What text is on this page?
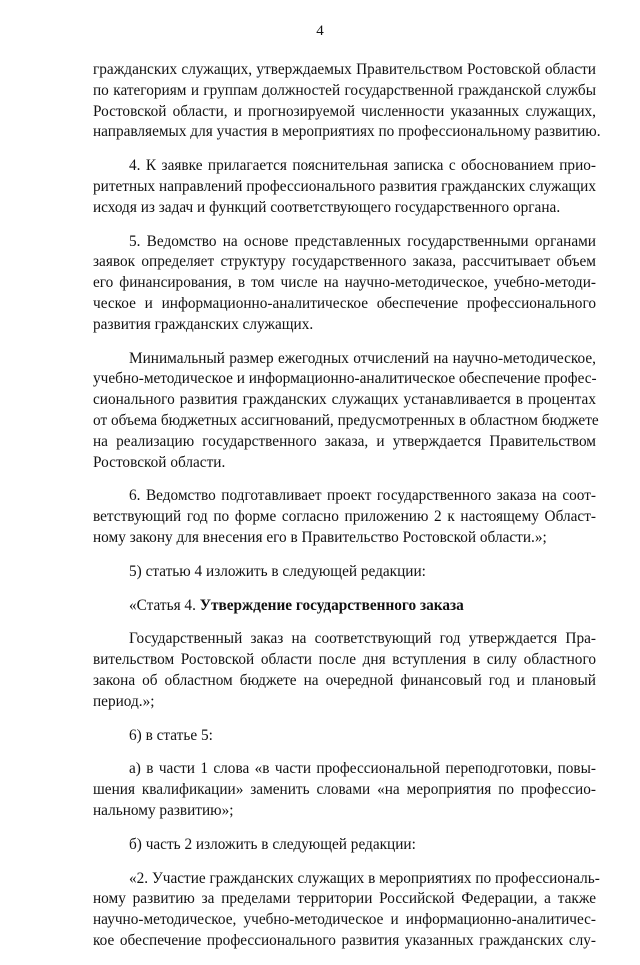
4
гражданских служащих, утверждаемых Правительством Ростовской области
по категориям и группам должностей государственной гражданской службы
Ростовской области, и прогнозируемой численности указанных служащих,
направляемых для участия в мероприятиях по профессиональному развитию.
4. К заявке прилагается пояснительная записка с обоснованием прио-
ритетных направлений профессионального развития гражданских служащих
исходя из задач и функций соответствующего государственного органа.
5. Ведомство на основе представленных государственными органами
заявок определяет структуру государственного заказа, рассчитывает объем
его финансирования, в том числе на научно-методическое, учебно-методи-
ческое и информационно-аналитическое обеспечение профессионального
развития гражданских служащих.
Минимальный размер ежегодных отчислений на научно-методическое,
учебно-методическое и информационно-аналитическое обеспечение профес-
сионального развития гражданских служащих устанавливается в процентах
от объема бюджетных ассигнований, предусмотренных в областном бюджете
на реализацию государственного заказа, и утверждается Правительством
Ростовской области.
6. Ведомство подготавливает проект государственного заказа на соот-
ветствующий год по форме согласно приложению 2 к настоящему Област-
ному закону для внесения его в Правительство Ростовской области.»;
5) статью 4 изложить в следующей редакции:
«Статья 4. Утверждение государственного заказа
Государственный заказ на соответствующий год утверждается Пра-
вительством Ростовской области после дня вступления в силу областного
закона об областном бюджете на очередной финансовый год и плановый
период.»;
6) в статье 5:
а) в части 1 слова «в части профессиональной переподготовки, повы-
шения квалификации» заменить словами «на мероприятия по профессио-
нальному развитию»;
б) часть 2 изложить в следующей редакции:
«2. Участие гражданских служащих в мероприятиях по профессиональ-
ному развитию за пределами территории Российской Федерации, а также
научно-методическое, учебно-методическое и информационно-аналитичес-
кое обеспечение профессионального развития указанных гражданских слу-
